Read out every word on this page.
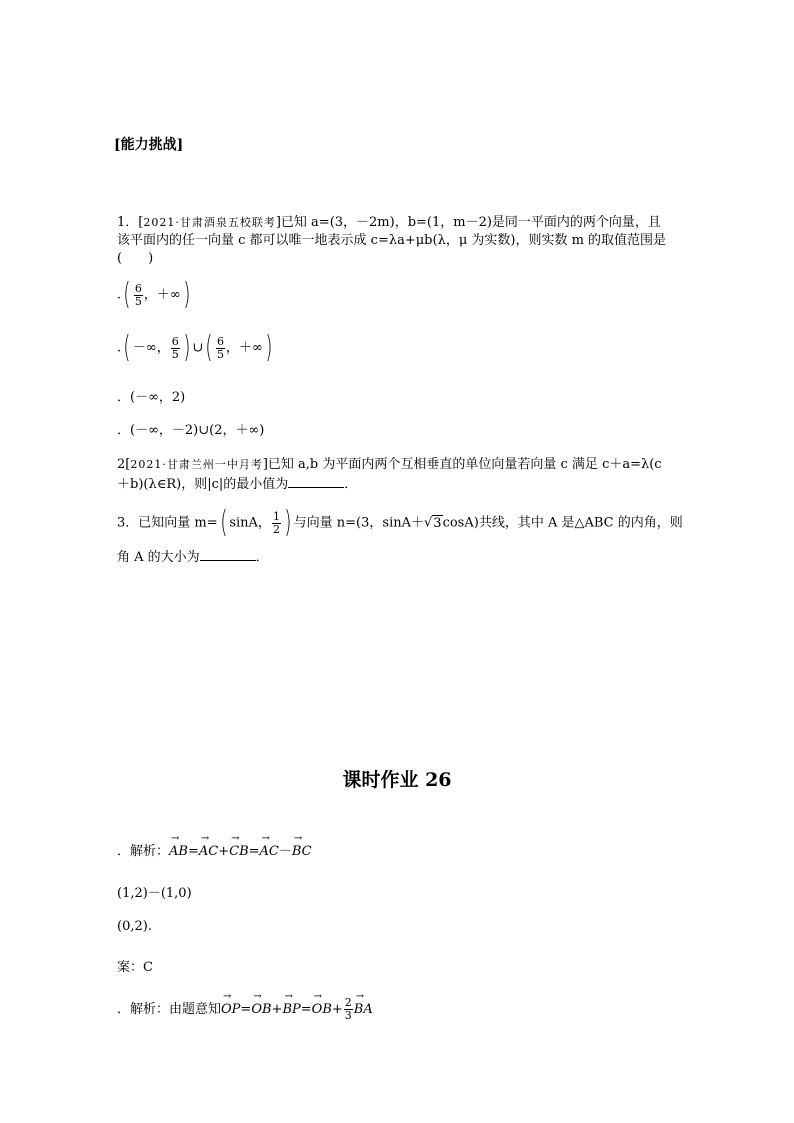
[能力挑战]
1．[2021·甘肃酒泉五校联考]已知 a=(3，－2m)，b=(1，m－2)是同一平面内的两个向量，且
该平面内的任一向量 c 都可以唯一地表示成 c=λa+μb(λ，μ 为实数)，则实数 m 的取值范围是
(　　)
.( $\frac{6}{5}$ ，＋∞)
.( －∞， $\frac{6}{5}$ ) ∪( $\frac{6}{5}$ ，＋∞)
．(－∞，2)
．(－∞，－2)∪(2，＋∞)
2[2021·甘肃兰州一中月考]已知 a,b 为平面内两个互相垂直的单位向量若向量 c 满足 c＋a=λ(c
＋b)(λ∈R)，则|c|的最小值为	．
3．已知向量 m=( sinA， $\frac{1}{2}$ ) 与向量 n=(3，sinA＋√3cosA)共线，其中 A 是△ABC 的内角，则
角 A 的大小为	．
课时作业 26
．解析：→ AB=→ AC+→ CB=→ AC－→ BC
(1,2)－(1,0)
(0,2).
案：C
．解析：由题意知→ $OP=\to OB+\to BP=\to OB+ \frac{2}{3}$
→ BA
